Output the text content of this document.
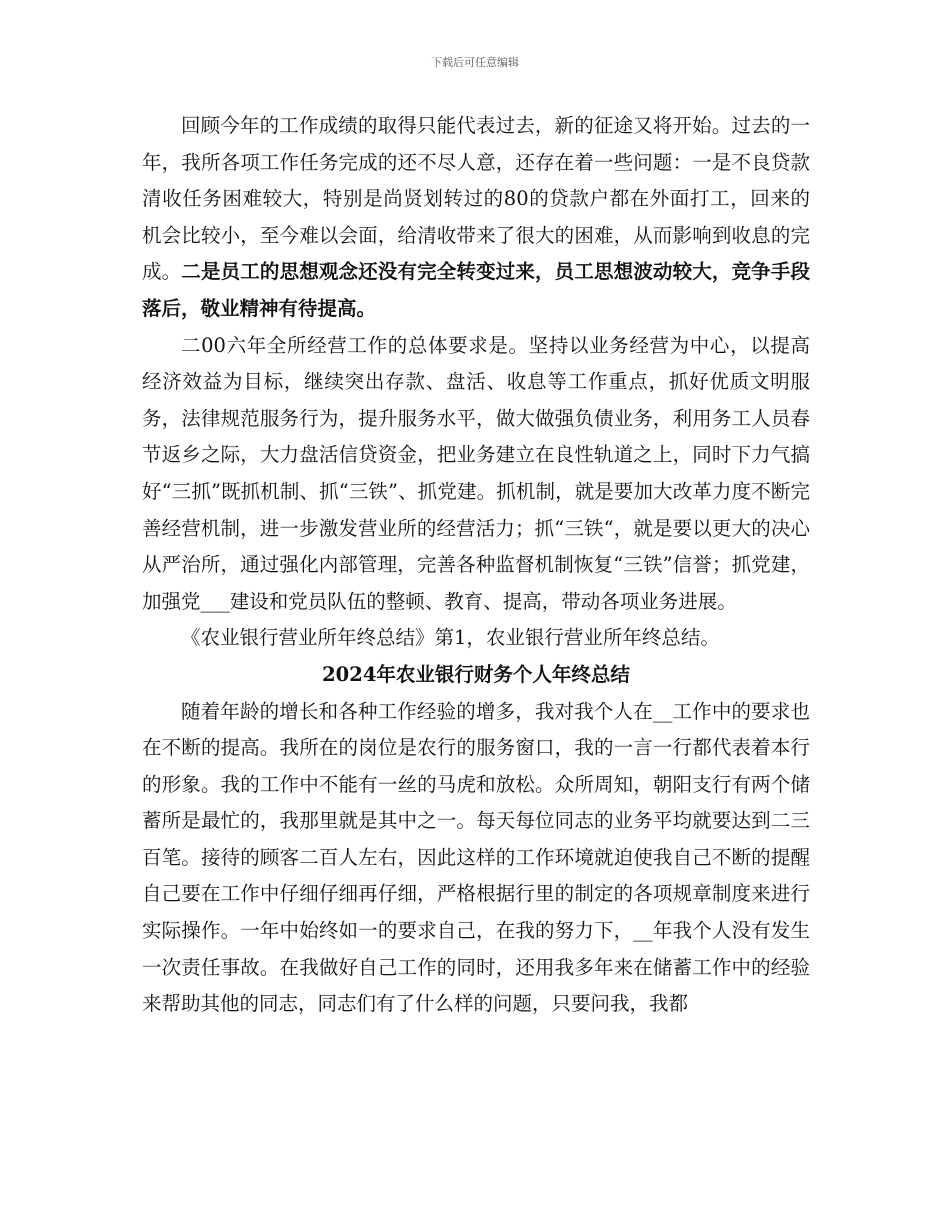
下载后可任意编辑

回顾今年的工作成绩的取得只能代表过去，新的征途又将开始。过去的一年，我所各项工作任务完成的还不尽人意，还存在着一些问题：一是不良贷款清收任务困难较大，特别是尚贤划转过的80的贷款户都在外面打工，回来的机会比较小，至今难以会面，给清收带来了很大的困难，从而影响到收息的完成。二是员工的思想观念还没有完全转变过来，员工思想波动较大，竞争手段落后，敬业精神有待提高。

二00六年全所经营工作的总体要求是。坚持以业务经营为中心，以提高经济效益为目标，继续突出存款、盘活、收息等工作重点，抓好优质文明服务，法律规范服务行为，提升服务水平，做大做强负债业务，利用务工人员春节返乡之际，大力盘活信贷资金，把业务建立在良性轨道之上，同时下力气搞好“三抓”既抓机制、抓“三铁”、抓党建。抓机制，就是要加大改革力度不断完善经营机制，进一步激发营业所的经营活力；抓“三铁“，就是要以更大的决心从严治所，通过强化内部管理，完善各种监督机制恢复“三铁”信誉；抓党建，加强党___建设和党员队伍的整顿、教育、提高，带动各项业务进展。

《农业银行营业所年终总结》第1，农业银行营业所年终总结。

2024年农业银行财务个人年终总结

随着年龄的增长和各种工作经验的增多，我对我个人在__工作中的要求也在不断的提高。我所在的岗位是农行的服务窗口，我的一言一行都代表着本行的形象。我的工作中不能有一丝的马虎和放松。众所周知，朝阳支行有两个储蓄所是最忙的，我那里就是其中之一。每天每位同志的业务平均就要达到二三百笔。接待的顾客二百人左右，因此这样的工作环境就迫使我自己不断的提醒自己要在工作中仔细仔细再仔细，严格根据行里的制定的各项规章制度来进行实际操作。一年中始终如一的要求自己，在我的努力下，__年我个人没有发生一次责任事故。在我做好自己工作的同时，还用我多年来在储蓄工作中的经验来帮助其他的同志，同志们有了什么样的问题，只要问我，我都
